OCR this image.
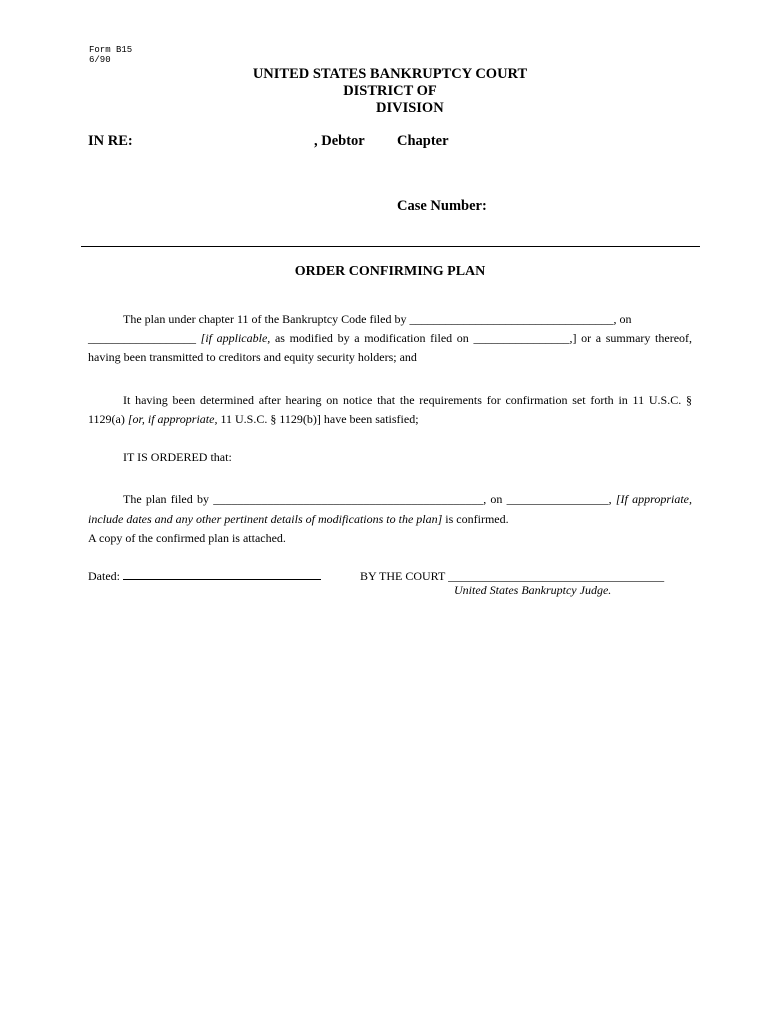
Form B15
6/90
UNITED STATES BANKRUPTCY COURT
DISTRICT OF
DIVISION
IN RE:	, Debtor Chapter
Case Number:
ORDER CONFIRMING PLAN
The plan under chapter 11 of the Bankruptcy Code filed by __________________________________, on
__________________ [if applicable, as modified by a modification filed on ________________,] or a summary thereof,
having been transmitted to creditors and equity security holders; and
It having been determined after hearing on notice that the requirements for confirmation set forth in 11 U.S.C. §
1129(a) [or, if appropriate, 11 U.S.C. § 1129(b)] have been satisfied;
IT IS ORDERED that:
The plan filed by _____________________________________________, on _________________, [If appropriate,
include dates and any other pertinent details of modifications to the plan] is confirmed.
A copy of the confirmed plan is attached.
Dated:	BY THE COURT ____________________________________
United States Bankruptcy Judge.
